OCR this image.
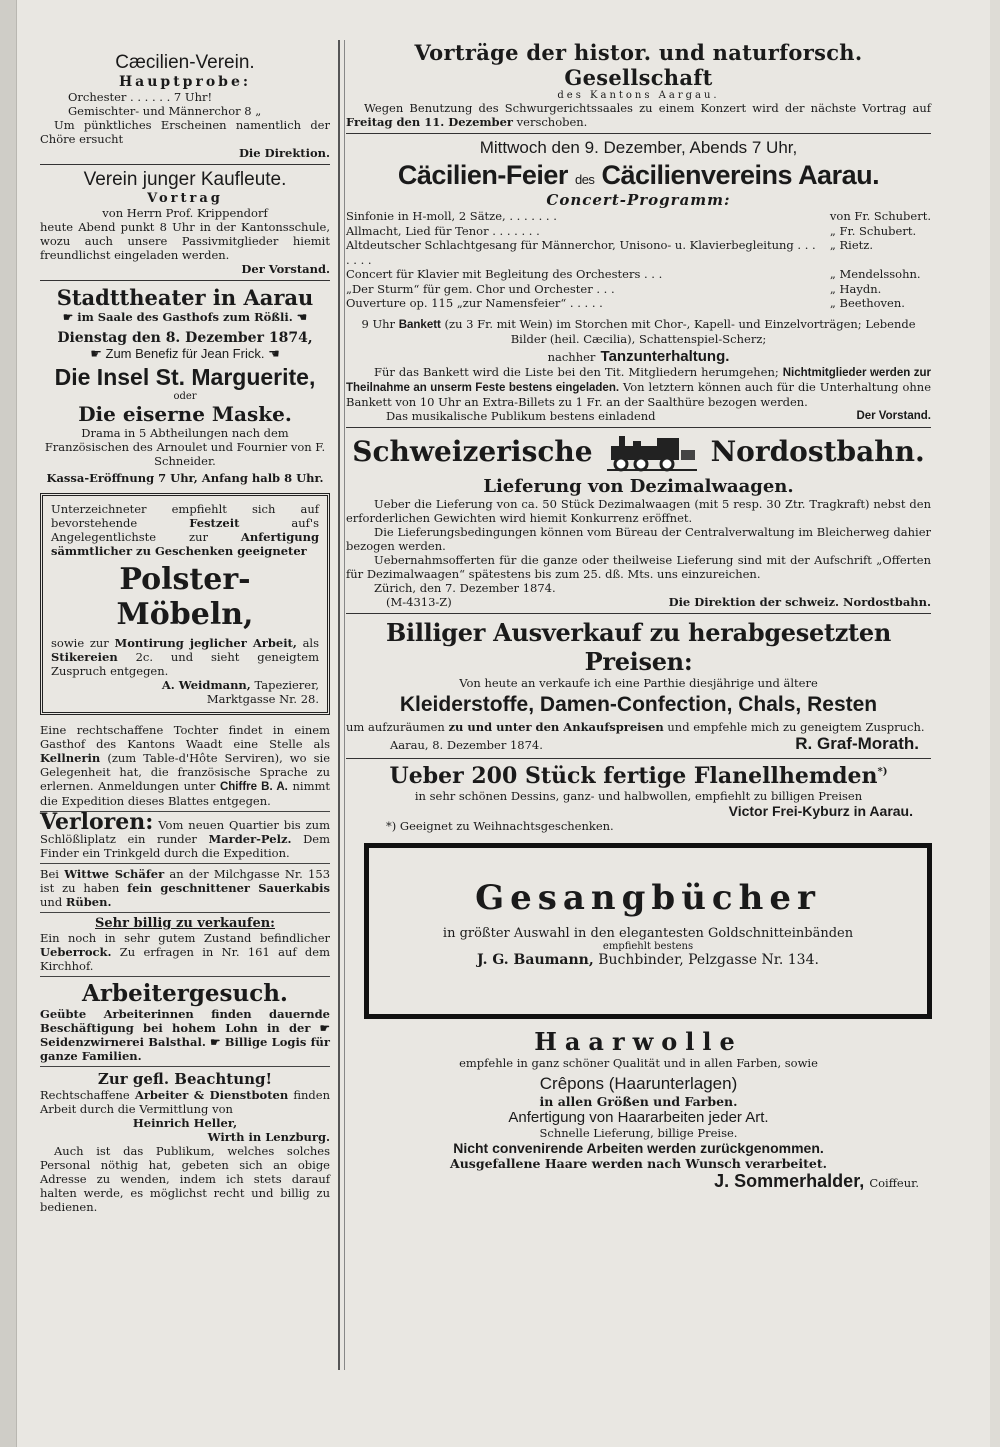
Cæcilien-Verein.
Hauptprobe:
Orchester . . . . . . 7 Uhr!
Gemischter- und Männerchor 8 „
Um pünktliches Erscheinen namentlich der Chöre ersucht
Die Direktion.
Verein junger Kaufleute.
Vortrag
von Herrn Prof. Krippendorf
heute Abend punkt 8 Uhr in der Kantonsschule, wozu auch unsere Passivmitglieder hiemit freundlichst eingeladen werden.
Der Vorstand.
Stadttheater in Aarau
☛ im Saale des Gasthofs zum Rößli. ☚
Dienstag den 8. Dezember 1874,
☛ Zum Benefiz für Jean Frick. ☚
Die Insel St. Marguerite,
oder
Die eiserne Maske.
Drama in 5 Abtheilungen nach dem Französischen des Arnoulet und Fournier von F. Schneider.
Kassa-Eröffnung 7 Uhr, Anfang halb 8 Uhr.
Unterzeichneter empfiehlt sich auf bevorstehende	Festzeit	auf's Angelegentlichste zur	Anfertigung sämmtlicher zu Geschenken geeigneter
Polster-Möbeln,
sowie zur Montirung jeglicher Arbeit, als Stikereien 2c. und sieht geneigtem Zuspruch entgegen.
A. Weidmann, Tapezierer,
Marktgasse Nr. 28.
Eine rechtschaffene Tochter findet in einem Gasthof des Kantons Waadt eine Stelle als Kellnerin (zum Table-d'Hôte Serviren), wo sie Gelegenheit hat, die französische Sprache zu erlernen. Anmeldungen unter Chiffre B. A. nimmt die Expedition dieses Blattes entgegen.
Verloren: Vom neuen Quartier bis zum Schlößliplatz ein runder Marder-Pelz. Dem Finder ein Trinkgeld durch die Expedition.
Bei Wittwe Schäfer an der Milchgasse Nr. 153 ist zu haben fein geschnittener Sauerkabis und Rüben.
Sehr billig zu verkaufen:
Ein noch in sehr gutem Zustand befindlicher Ueberrock. Zu erfragen in Nr. 161 auf dem Kirchhof.
Arbeitergesuch.
Geübte Arbeiterinnen finden dauernde Beschäftigung bei hohem Lohn in der ☛ Seidenzwirnerei Balsthal. ☛ Billige Logis für ganze Familien.
Zur gefl. Beachtung!
Rechtschaffene Arbeiter & Dienstboten finden Arbeit durch die Vermittlung von
Heinrich Heller,
Wirth in Lenzburg.
Auch ist das Publikum, welches solches Personal nöthig hat, gebeten sich an obige Adresse zu wenden, indem ich stets darauf halten werde, es möglichst recht und billig zu bedienen.
Vorträge der histor. und naturforsch. Gesellschaft
des Kantons Aargau.
Wegen Benutzung des Schwurgerichtssaales zu einem Konzert wird der nächste Vortrag auf Freitag den 11. Dezember verschoben.
Mittwoch den 9. Dezember, Abends 7 Uhr,
Cäcilien-Feier des Cäcilienvereins Aarau.
Concert-Programm:
Sinfonie in H-moll, 2 Sätze, . . . . . . .	von Fr. Schubert.
Allmacht, Lied für Tenor . . . . . . .	„ Fr. Schubert.
Altdeutscher Schlachtgesang für Männerchor, Unisono- u. Klavierbegleitung . . . . . . .	„ Rietz.
Concert für Klavier mit Begleitung des Orchesters . . .	„ Mendelssohn.
„Der Sturm“ für gem. Chor und Orchester . . .	„ Haydn.
Ouverture op. 115 „zur Namensfeier“ . . . . .	„ Beethoven.
9 Uhr Bankett (zu 3 Fr. mit Wein) im Storchen mit Chor-, Kapell- und Einzelvorträgen; Lebende Bilder (heil. Cæcilia), Schattenspiel-Scherz;
nachher Tanzunterhaltung.
Für das Bankett wird die Liste bei den Tit. Mitgliedern herumgehen; Nichtmitglieder werden zur Theilnahme an unserm Feste bestens eingeladen. Von letztern können auch für die Unterhaltung ohne Bankett von 10 Uhr an Extra-Billets zu 1 Fr. an der Saalthüre bezogen werden.
Das musikalische Publikum bestens einladend	Der Vorstand.
Schweizerische	Nordostbahn.
Lieferung von Dezimalwaagen.
Ueber die Lieferung von ca. 50 Stück Dezimalwaagen (mit 5 resp. 30 Ztr. Tragkraft) nebst den erforderlichen Gewichten wird hiemit Konkurrenz eröffnet.
Die Lieferungsbedingungen können vom Büreau der Centralverwaltung im Bleicherweg dahier bezogen werden.
Uebernahmsofferten für die ganze oder theilweise Lieferung sind mit der Aufschrift „Offerten für Dezimalwaagen“ spätestens bis zum 25. dß. Mts. uns einzureichen.
Zürich, den 7. Dezember 1874.
(M-4313-Z)	Die Direktion der schweiz. Nordostbahn.
Billiger Ausverkauf zu herabgesetzten Preisen:
Von heute an verkaufe ich eine Parthie diesjährige und ältere
Kleiderstoffe, Damen-Confection, Chals, Resten
um aufzuräumen zu und unter den Ankaufspreisen und empfehle mich zu geneigtem Zuspruch.
Aarau, 8. Dezember 1874.	R. Graf-Morath.
Ueber 200 Stück fertige Flanellhemden*)
in sehr schönen Dessins, ganz- und halbwollen, empfiehlt zu billigen Preisen
Victor Frei-Kyburz in Aarau.
*) Geeignet zu Weihnachtsgeschenken.
Gesangbücher
in größter Auswahl in den elegantesten Goldschnitteinbänden
empfiehlt bestens
J. G. Baumann, Buchbinder, Pelzgasse Nr. 134.
Haarwolle
empfehle in ganz schöner Qualität und in allen Farben, sowie
Crêpons (Haarunterlagen)
in allen Größen und Farben.
Anfertigung von Haararbeiten jeder Art.
Schnelle Lieferung, billige Preise.
Nicht convenirende Arbeiten werden zurückgenommen.
Ausgefallene Haare werden nach Wunsch verarbeitet.
J. Sommerhalder, Coiffeur.
